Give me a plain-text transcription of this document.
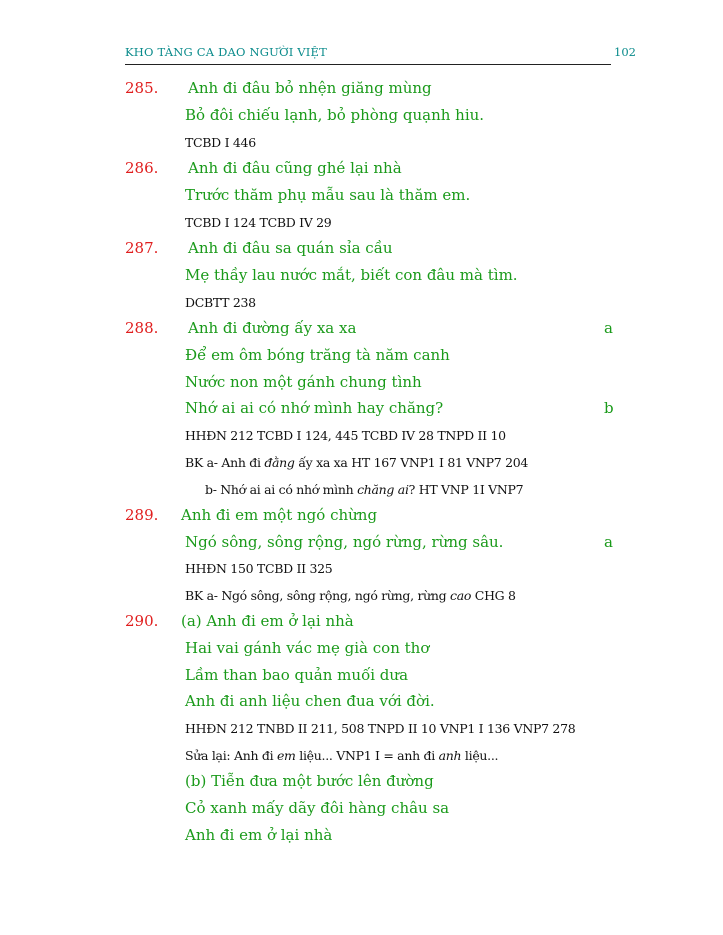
KHO TÀNG CA DAO NGƯỜI VIỆT	102
285. Anh đi đâu bỏ nhện giăng mùng
Bỏ đôi chiếu lạnh, bỏ phòng quạnh hiu.
TCBD I 446
286. Anh đi đâu cũng ghé lại nhà
Trước thăm phụ mẫu sau là thăm em.
TCBD I 124 TCBD IV 29
287. Anh đi đâu sa quán sỉa cầu
Mẹ thầy lau nước mắt, biết con đâu mà tìm.
DCBTT 238
288. Anh đi đường ấy xa xa	a
Để em ôm bóng trăng tà năm canh
Nước non một gánh chung tình
Nhớ ai ai có nhớ mình hay chăng?	b
HHĐN 212 TCBD I 124, 445 TCBD IV 28 TNPD II 10
BK a- Anh đi đằng ấy xa xa HT 167 VNP1 I 81 VNP7 204
b- Nhớ ai ai có nhớ mình chăng ai? HT VNP 1I VNP7
289. Anh đi em một ngó chừng
Ngó sông, sông rộng, ngó rừng, rừng sâu.	a
HHĐN 150 TCBD II 325
BK a- Ngó sông, sông rộng, ngó rừng, rừng cao CHG 8
290. (a) Anh đi em ở lại nhà
Hai vai gánh vác mẹ già con thơ
Lầm than bao quản muối dưa
Anh đi anh liệu chen đua với đời.
HHĐN 212 TNBD II 211, 508 TNPD II 10 VNP1 I 136 VNP7 278
Sửa lại: Anh đi em liệu... VNP1 I = anh đi anh liệu...
(b) Tiễn đưa một bước lên đường
Cỏ xanh mấy dãy đôi hàng châu sa
Anh đi em ở lại nhà
